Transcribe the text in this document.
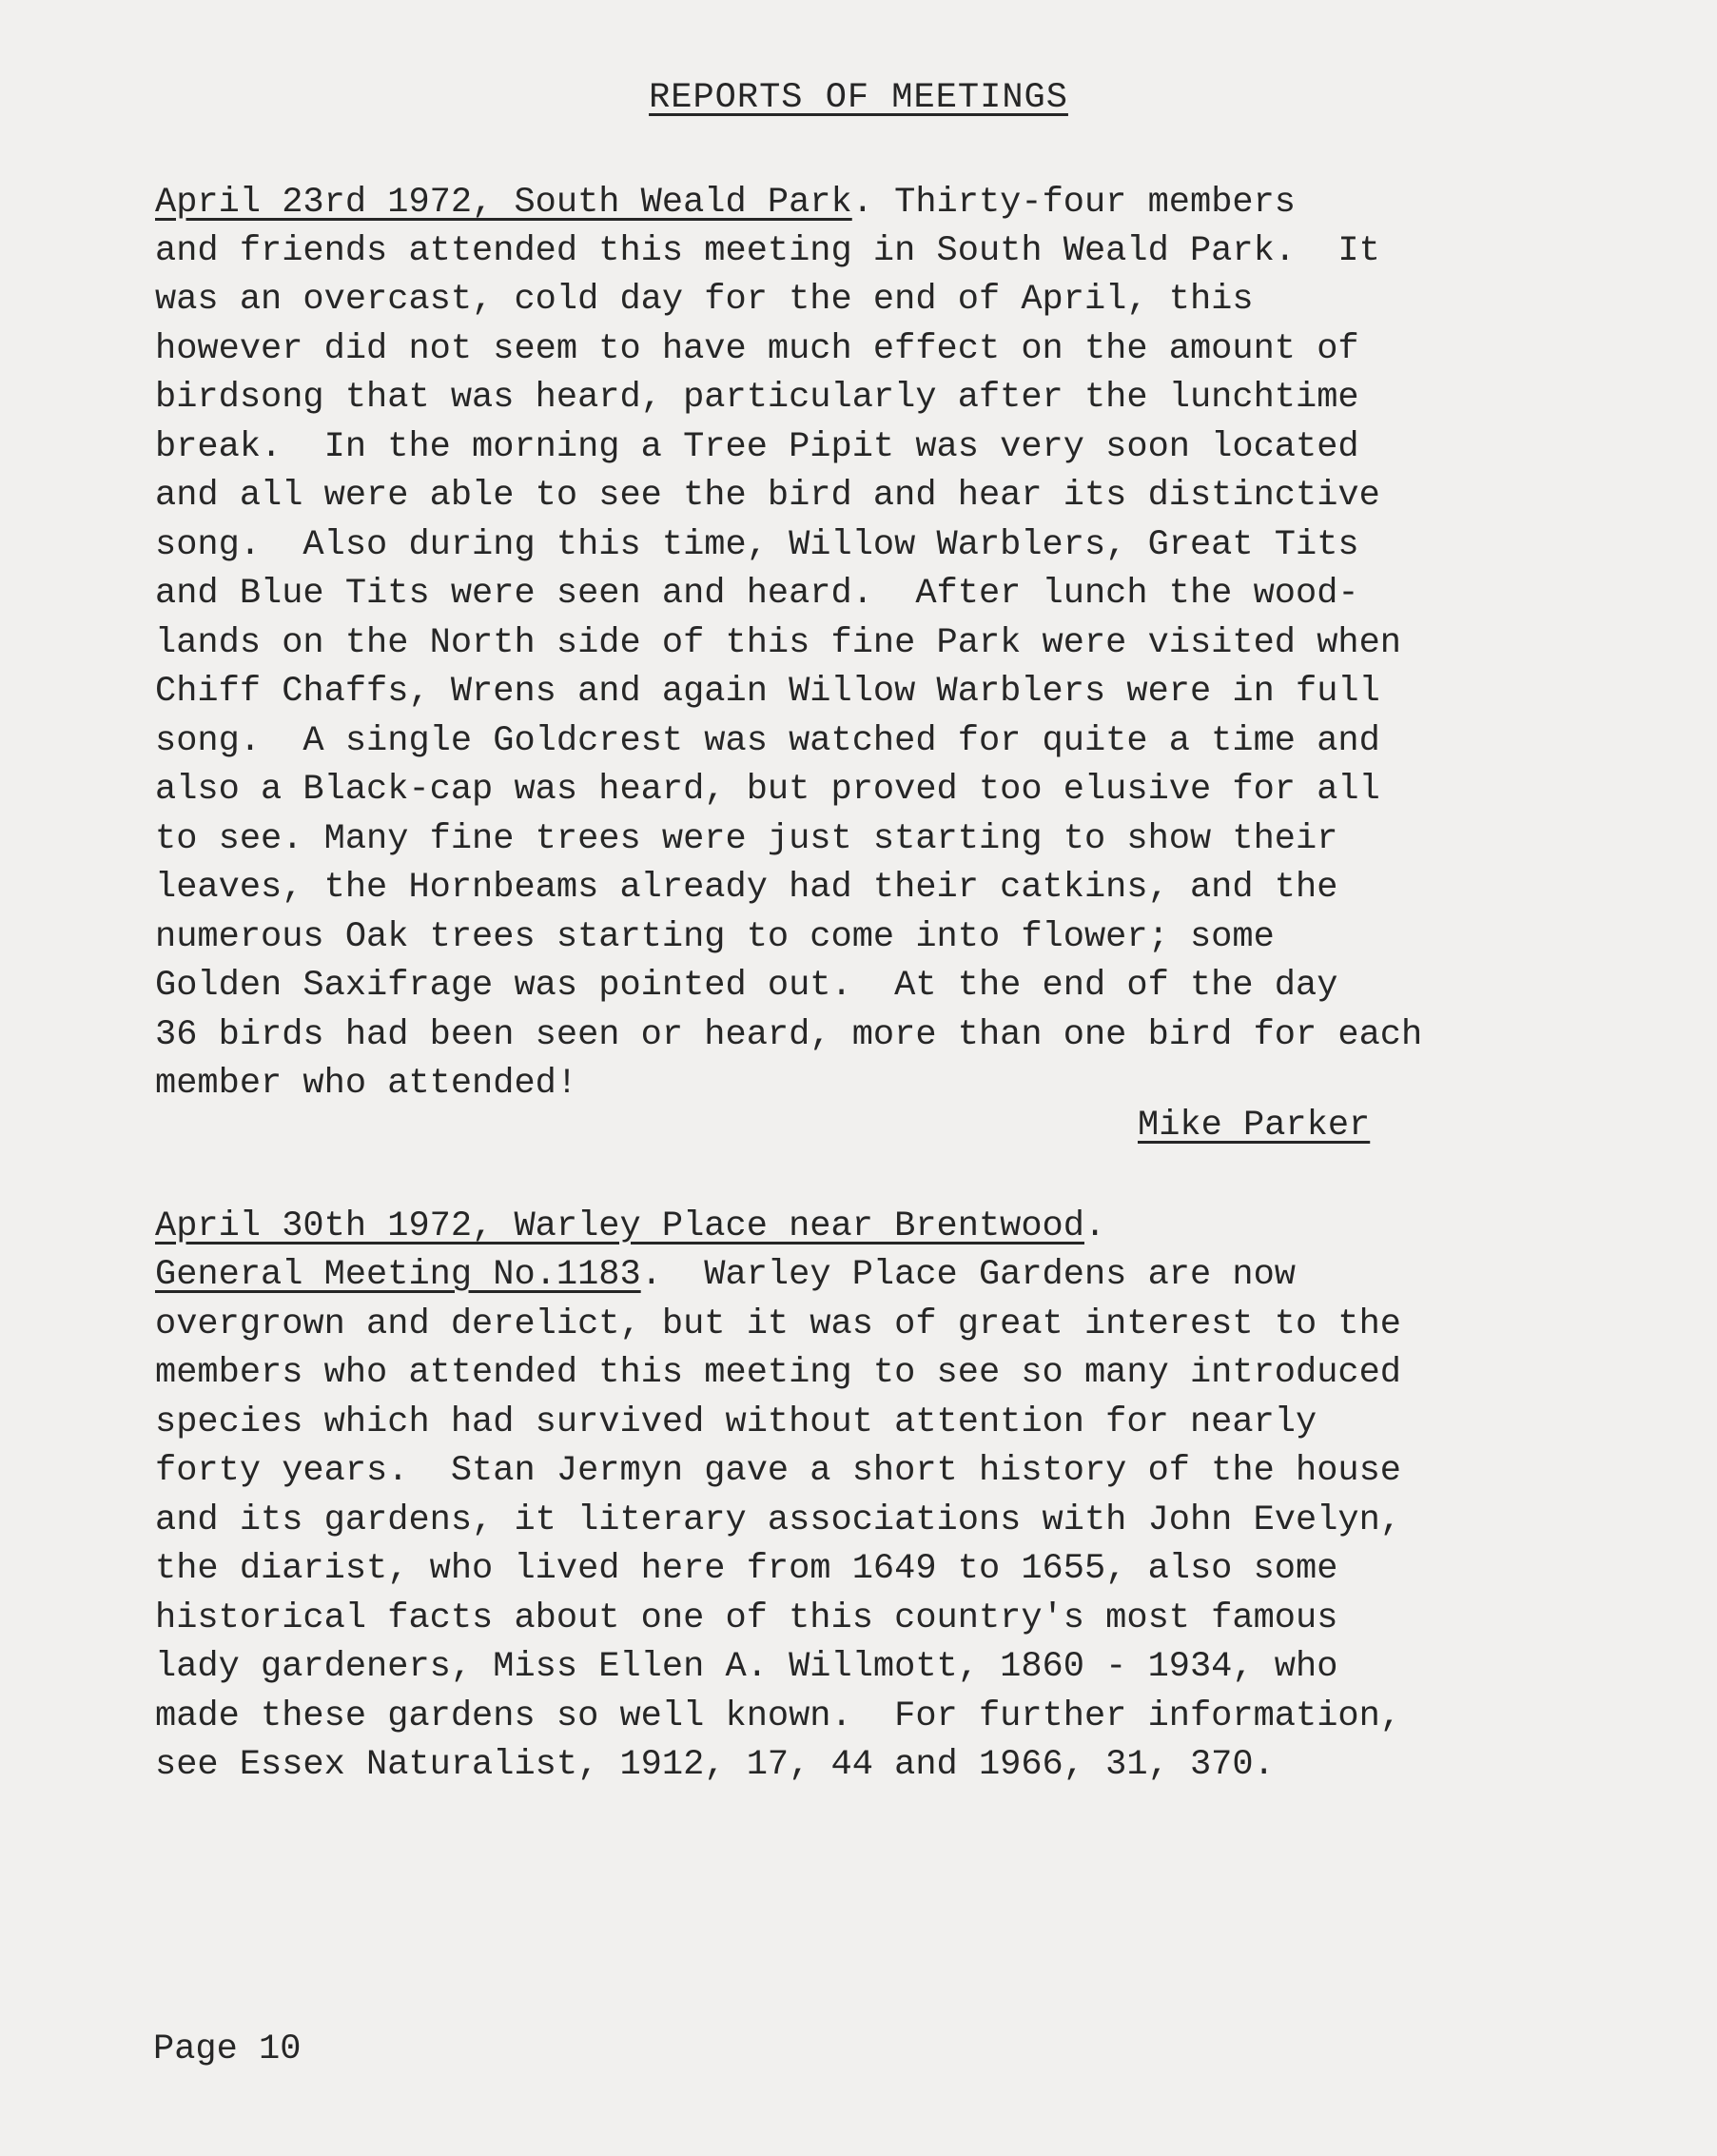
REPORTS OF MEETINGS
April 23rd 1972, South Weald Park. Thirty-four members
and friends attended this meeting in South Weald Park.  It
was an overcast, cold day for the end of April, this
however did not seem to have much effect on the amount of
birdsong that was heard, particularly after the lunchtime
break.  In the morning a Tree Pipit was very soon located
and all were able to see the bird and hear its distinctive
song.  Also during this time, Willow Warblers, Great Tits
and Blue Tits were seen and heard.  After lunch the wood-
lands on the North side of this fine Park were visited when
Chiff Chaffs, Wrens and again Willow Warblers were in full
song.  A single Goldcrest was watched for quite a time and
also a Black-cap was heard, but proved too elusive for all
to see. Many fine trees were just starting to show their
leaves, the Hornbeams already had their catkins, and the
numerous Oak trees starting to come into flower; some
Golden Saxifrage was pointed out.  At the end of the day
36 birds had been seen or heard, more than one bird for each
member who attended!
Mike Parker
April 30th 1972, Warley Place near Brentwood.
General Meeting No.1183.  Warley Place Gardens are now
overgrown and derelict, but it was of great interest to the
members who attended this meeting to see so many introduced
species which had survived without attention for nearly
forty years.  Stan Jermyn gave a short history of the house
and its gardens, it literary associations with John Evelyn,
the diarist, who lived here from 1649 to 1655, also some
historical facts about one of this country's most famous
lady gardeners, Miss Ellen A. Willmott, 1860 - 1934, who
made these gardens so well known.  For further information,
see Essex Naturalist, 1912, 17, 44 and 1966, 31, 370.
Page 10
